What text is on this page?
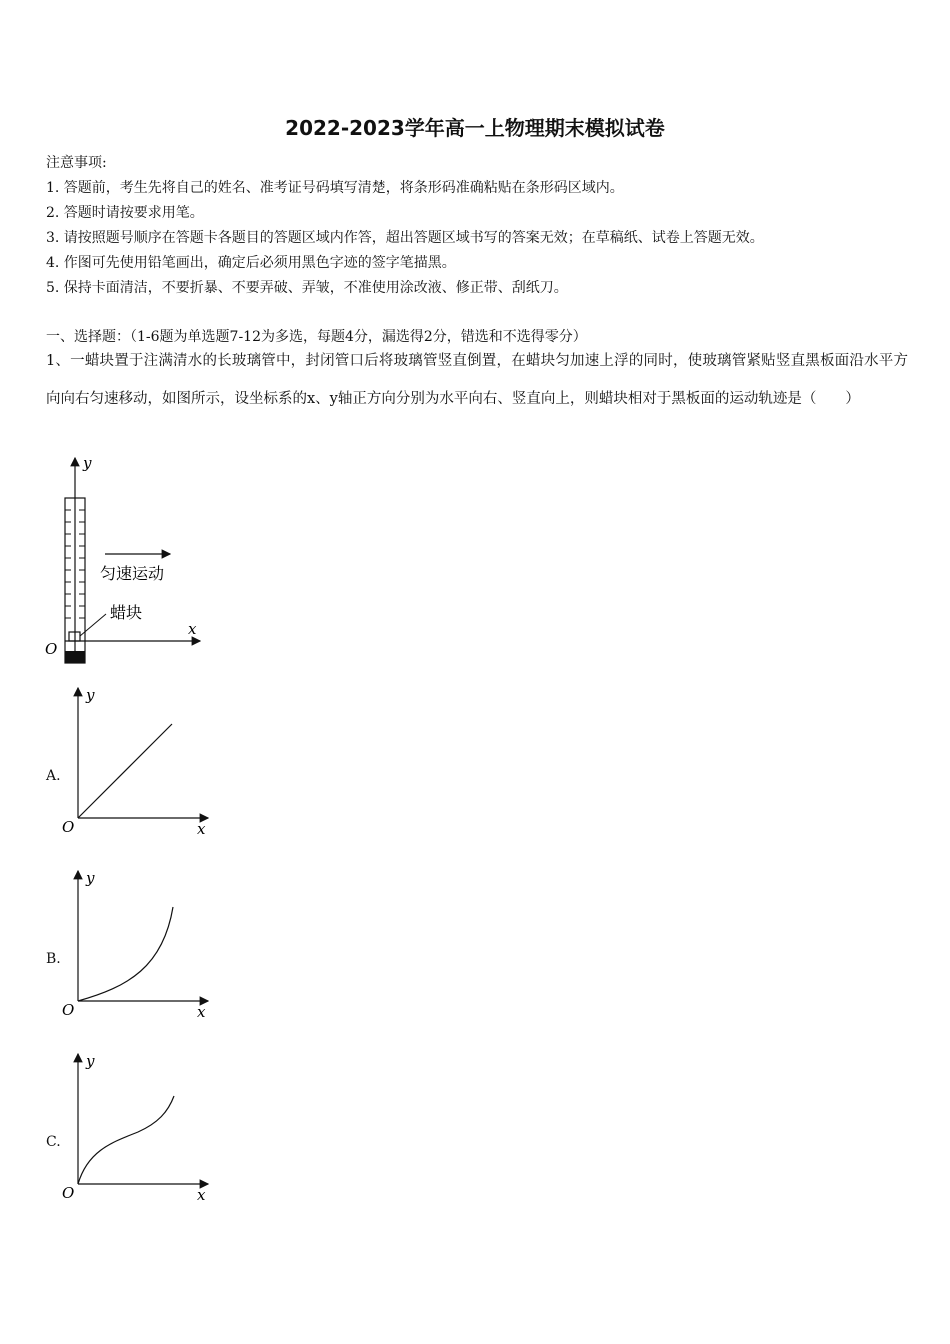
2022-2023学年高一上物理期末模拟试卷
注意事项:
1. 答题前，考生先将自己的姓名、准考证号码填写清楚，将条形码准确粘贴在条形码区域内。
2. 答题时请按要求用笔。
3. 请按照题号顺序在答题卡各题目的答题区域内作答，超出答题区域书写的答案无效；在草稿纸、试卷上答题无效。
4. 作图可先使用铅笔画出，确定后必须用黑色字迹的签字笔描黑。
5. 保持卡面清洁，不要折暴、不要弄破、弄皱，不准使用涂改液、修正带、刮纸刀。
一、选择题：（1-6题为单选题7-12为多选，每题4分，漏选得2分，错选和不选得零分）
1、一蜡块置于注满清水的长玻璃管中，封闭管口后将玻璃管竖直倒置，在蜡块匀加速上浮的同时，使玻璃管紧贴竖直黑板面沿水平方向向右匀速移动，如图所示，设坐标系的x、y轴正方向分别为水平向右、竖直向上，则蜡块相对于黑板面的运动轨迹是（　　）
y
x
O
匀速运动
蜡块
A.
y
x
O
B.
y
x
O
C.
y
x
O
